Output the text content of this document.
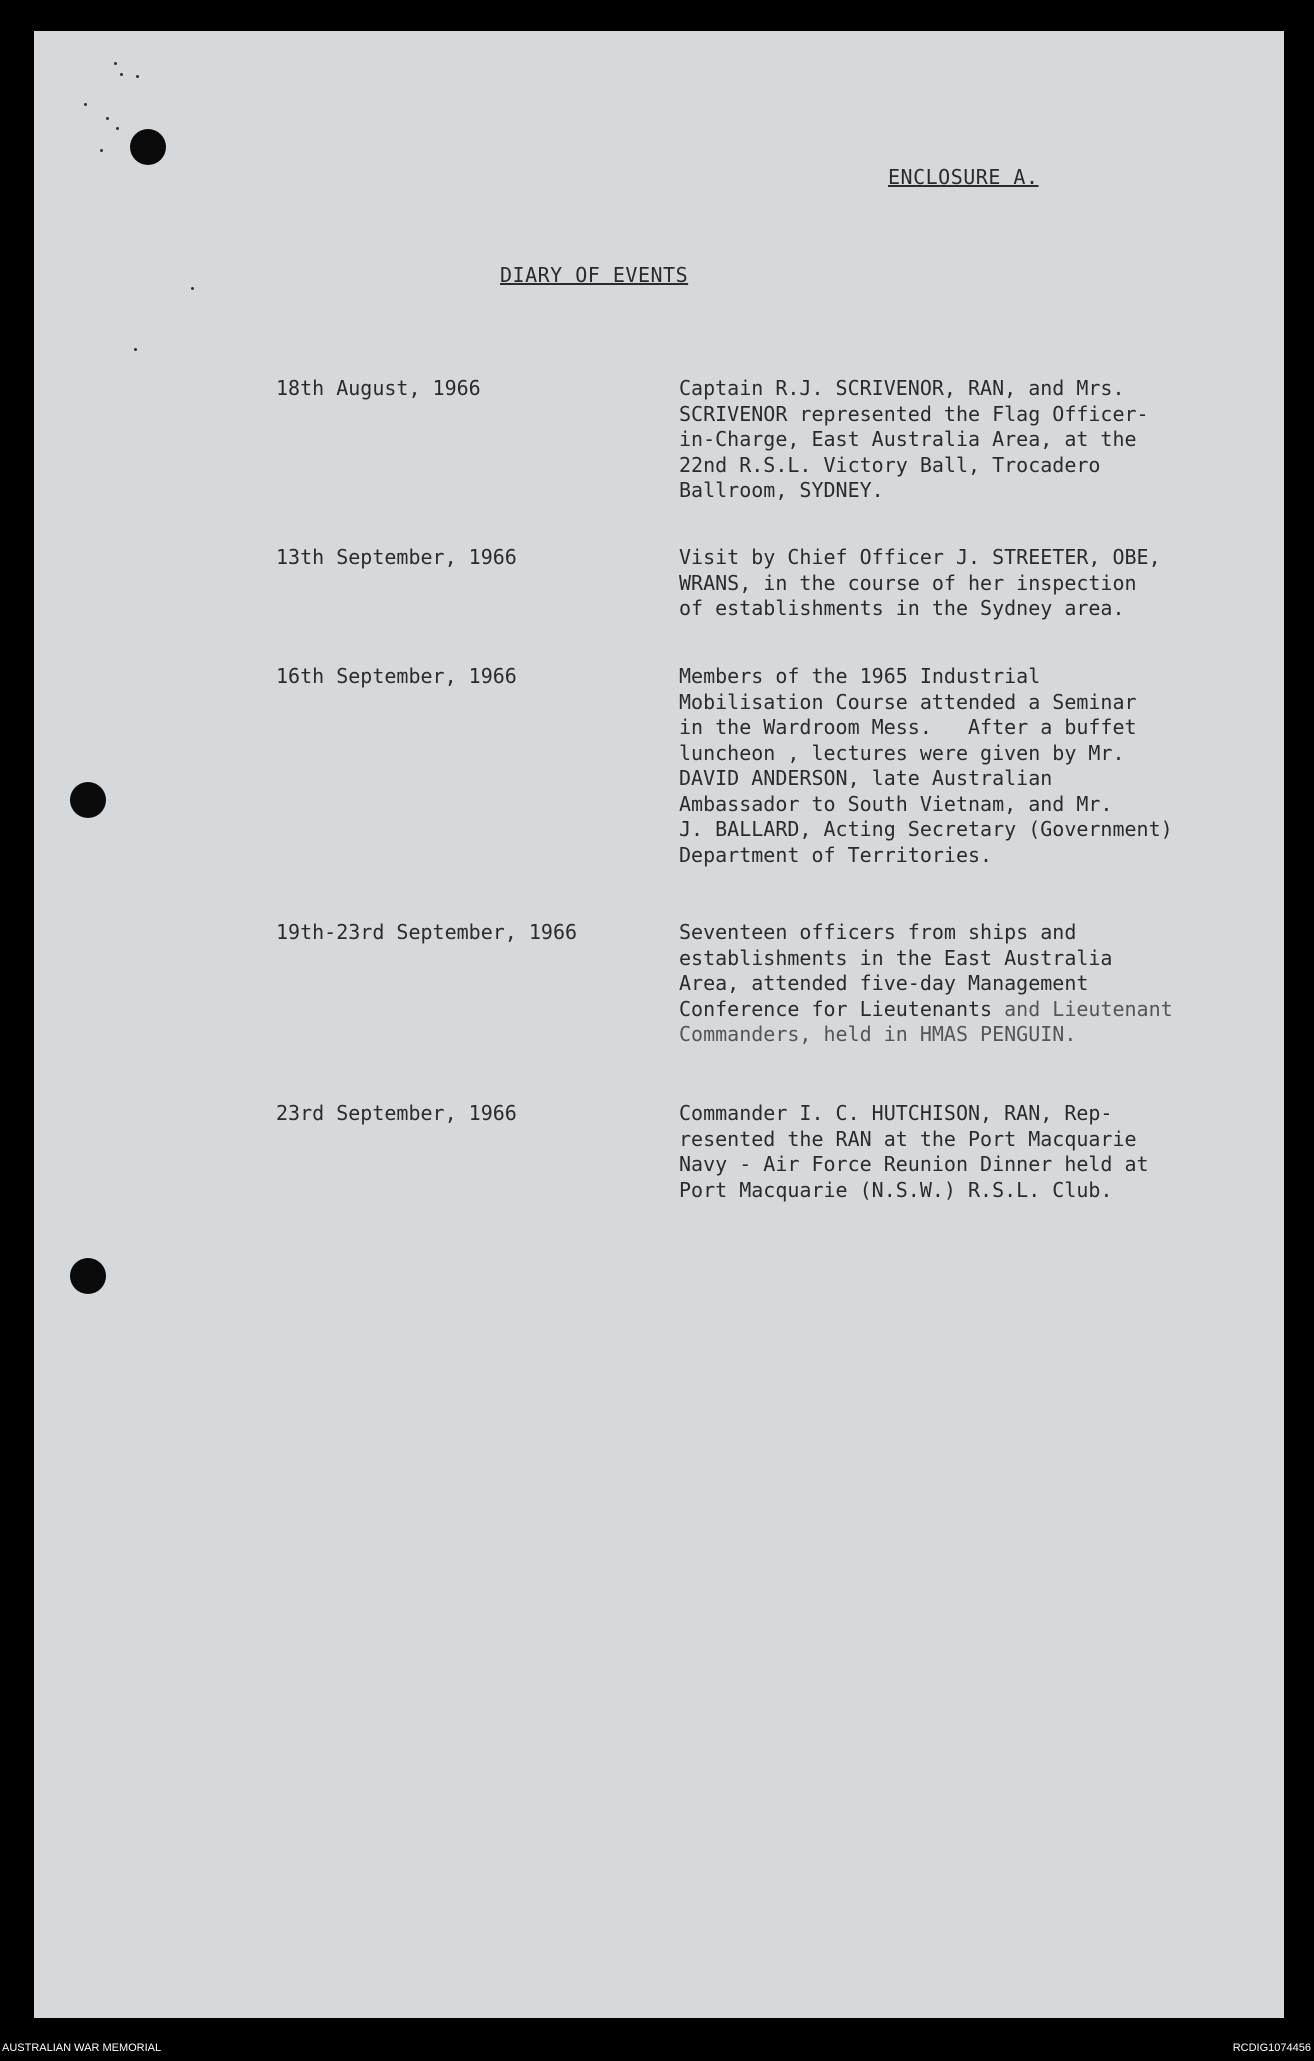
ENCLOSURE A.
DIARY OF EVENTS
18th August, 1966	Captain R.J. SCRIVENOR, RAN, and Mrs.
SCRIVENOR represented the Flag Officer-
in-Charge, East Australia Area, at the
22nd R.S.L. Victory Ball, Trocadero
Ballroom, SYDNEY.
13th September, 1966	Visit by Chief Officer J. STREETER, OBE,
WRANS, in the course of her inspection
of establishments in the Sydney area.
16th September, 1966	Members of the 1965 Industrial
Mobilisation Course attended a Seminar
in the Wardroom Mess.   After a buffet
luncheon , lectures were given by Mr.
DAVID ANDERSON, late Australian
Ambassador to South Vietnam, and Mr.
J. BALLARD, Acting Secretary (Government)
Department of Territories.
19th-23rd September, 1966	Seventeen officers from ships and
establishments in the East Australia
Area, attended five-day Management
Conference for Lieutenants and Lieutenant
Commanders, held in HMAS PENGUIN.
23rd September, 1966	Commander I. C. HUTCHISON, RAN, Rep-
resented the RAN at the Port Macquarie
Navy - Air Force Reunion Dinner held at
Port Macquarie (N.S.W.) R.S.L. Club.
AUSTRALIAN WAR MEMORIAL	RCDIG1074456
